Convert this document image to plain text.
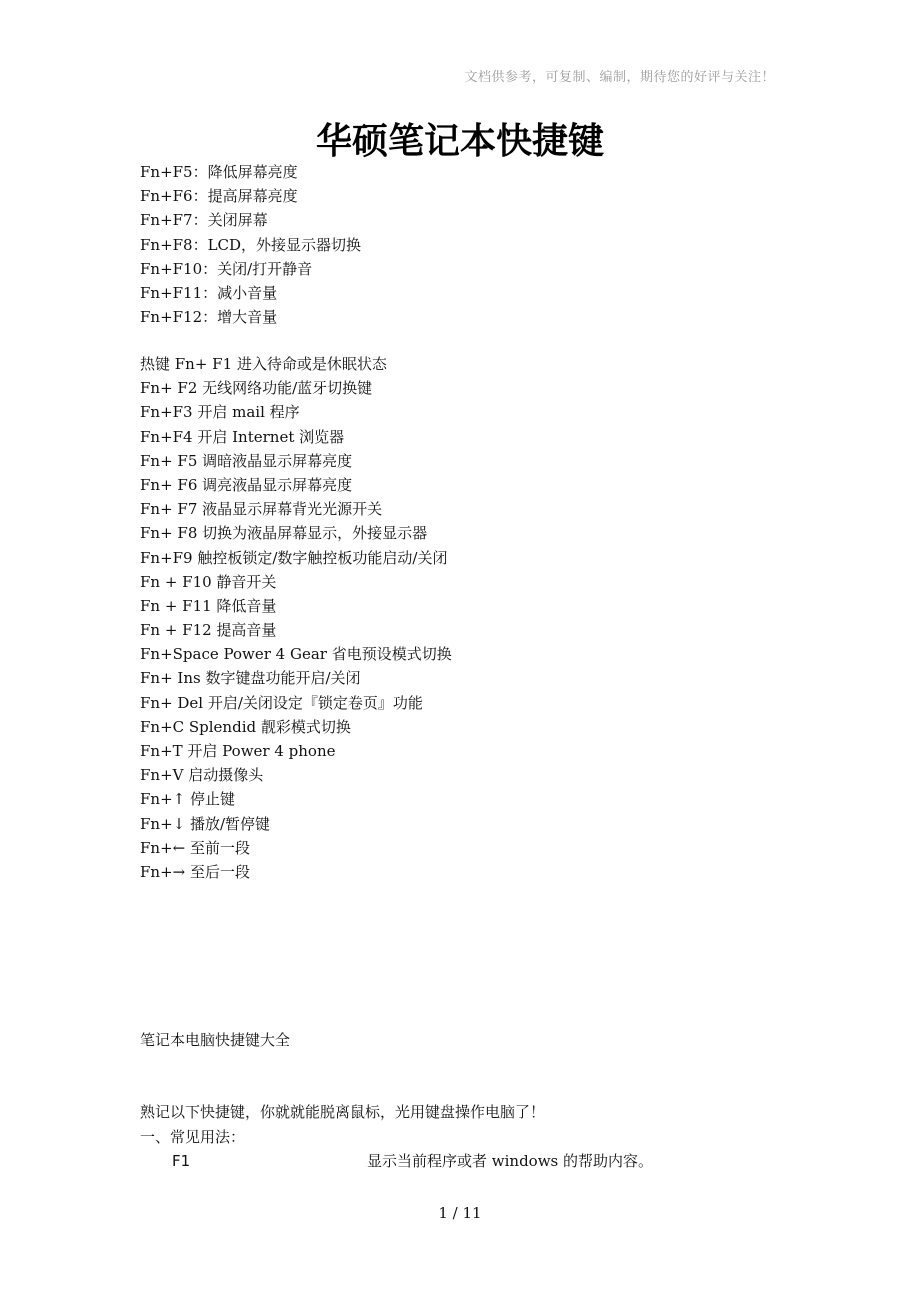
文档供参考，可复制、编制，期待您的好评与关注！
华硕笔记本快捷键
Fn+F5：降低屏幕亮度
Fn+F6：提高屏幕亮度
Fn+F7：关闭屏幕
Fn+F8：LCD，外接显示器切换
Fn+F10：关闭/打开静音
Fn+F11：减小音量
Fn+F12：增大音量
热键 Fn+ F1 进入待命或是休眠状态
Fn+ F2 无线网络功能/蓝牙切换键
Fn+F3 开启 mail 程序
Fn+F4 开启 Internet 浏览器
Fn+ F5 调暗液晶显示屏幕亮度
Fn+ F6 调亮液晶显示屏幕亮度
Fn+ F7 液晶显示屏幕背光光源开关
Fn+ F8 切换为液晶屏幕显示，外接显示器
Fn+F9 触控板锁定/数字触控板功能启动/关闭
Fn + F10 静音开关
Fn + F11 降低音量
Fn + F12 提高音量
Fn+Space Power 4 Gear 省电预设模式切换
Fn+ Ins 数字键盘功能开启/关闭
Fn+ Del 开启/关闭设定『锁定卷页』功能
Fn+C Splendid 靓彩模式切换
Fn+T 开启 Power 4 phone
Fn+V 启动摄像头
Fn+↑ 停止键
Fn+↓ 播放/暂停键
Fn+← 至前一段
Fn+→ 至后一段
笔记本电脑快捷键大全
熟记以下快捷键，你就就能脱离鼠标，光用键盘操作电脑了！
一、常见用法：
F1	显示当前程序或者 windows 的帮助内容。
1 / 11
